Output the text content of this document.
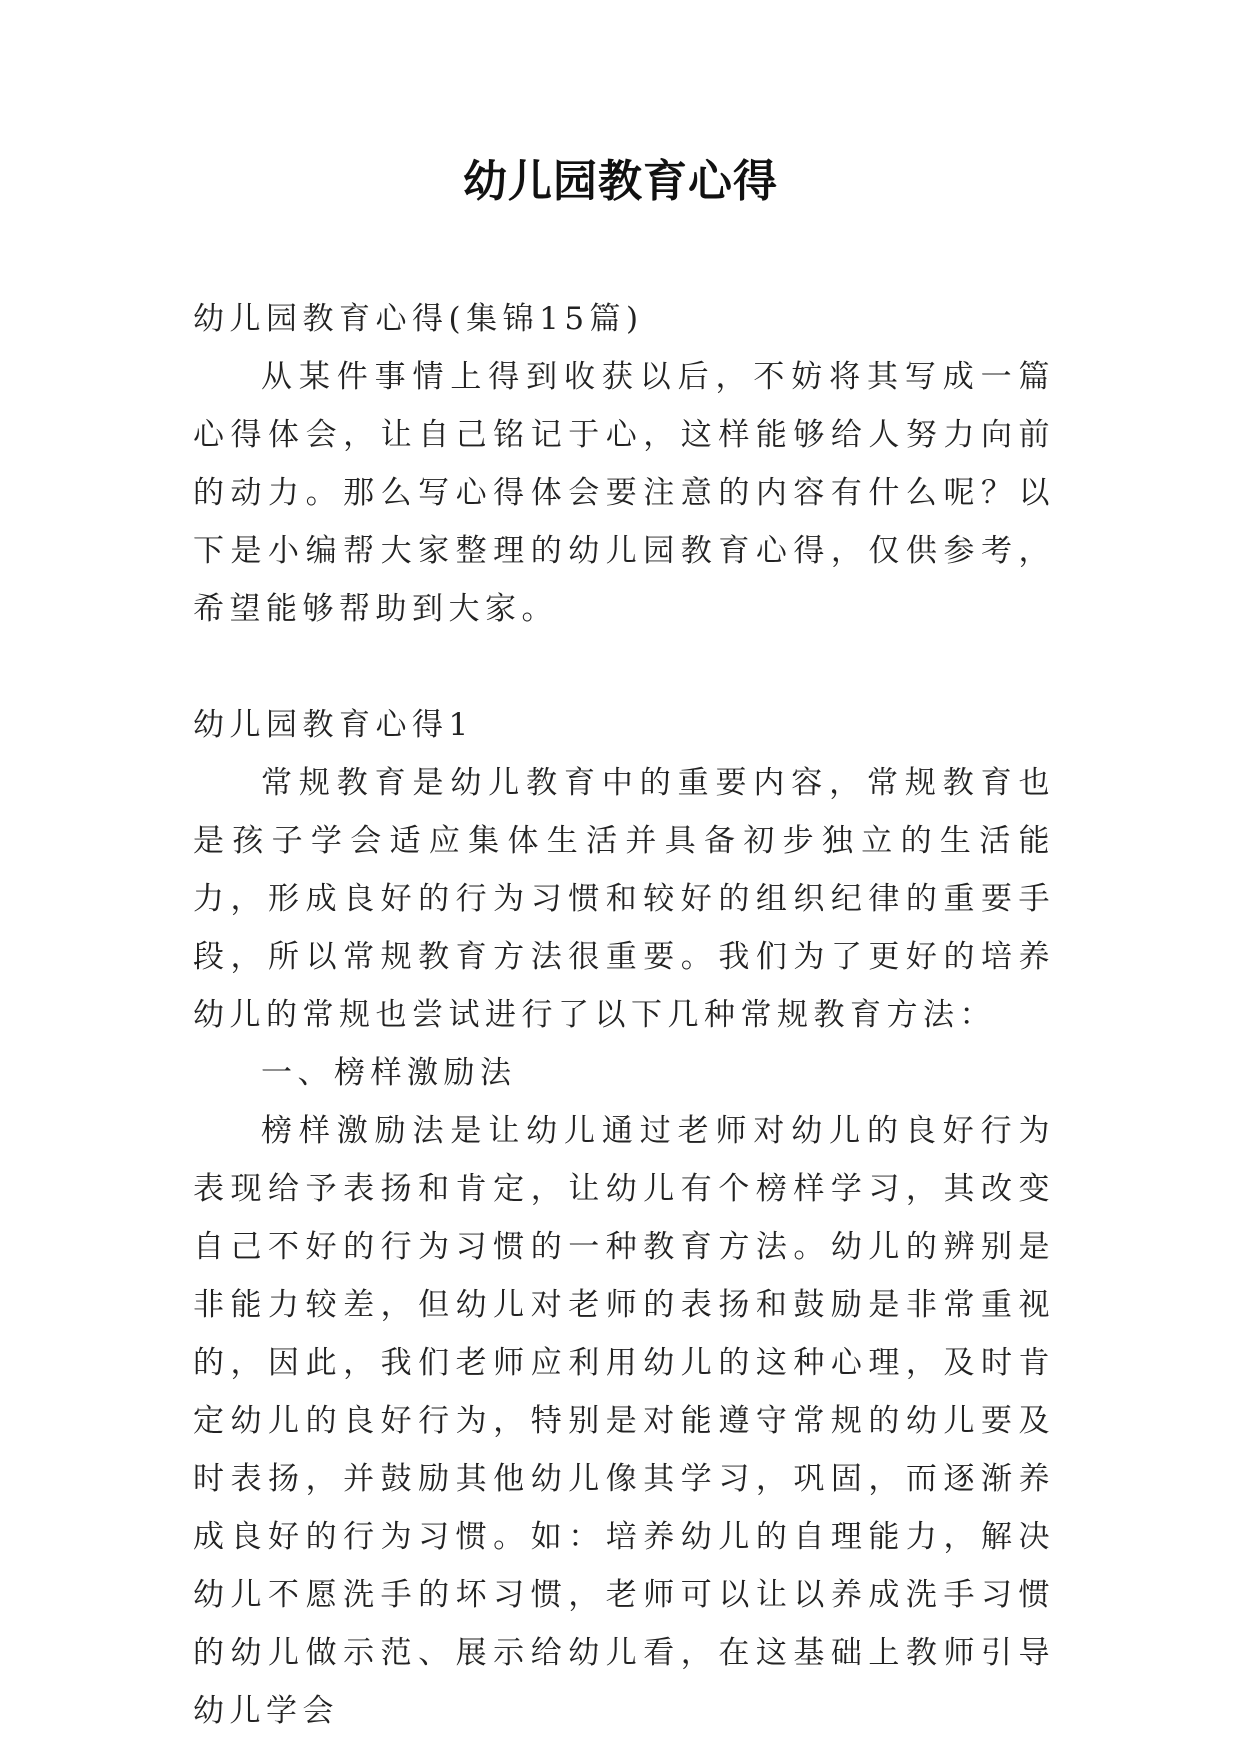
幼儿园教育心得

幼儿园教育心得(集锦15篇)

从某件事情上得到收获以后，不妨将其写成一篇心得体会，让自己铭记于心，这样能够给人努力向前的动力。那么写心得体会要注意的内容有什么呢？以下是小编帮大家整理的幼儿园教育心得，仅供参考，希望能够帮助到大家。

幼儿园教育心得1

常规教育是幼儿教育中的重要内容，常规教育也是孩子学会适应集体生活并具备初步独立的生活能力，形成良好的行为习惯和较好的组织纪律的重要手段，所以常规教育方法很重要。我们为了更好的培养幼儿的常规也尝试进行了以下几种常规教育方法：

一、榜样激励法

榜样激励法是让幼儿通过老师对幼儿的良好行为表现给予表扬和肯定，让幼儿有个榜样学习，其改变自己不好的行为习惯的一种教育方法。幼儿的辨别是非能力较差，但幼儿对老师的表扬和鼓励是非常重视的，因此，我们老师应利用幼儿的这种心理，及时肯定幼儿的良好行为，特别是对能遵守常规的幼儿要及时表扬，并鼓励其他幼儿像其学习，巩固，而逐渐养成良好的行为习惯。如：培养幼儿的自理能力，解决幼儿不愿洗手的坏习惯，老师可以让以养成洗手习惯的幼儿做示范、展示给幼儿看，在这基础上教师引导幼儿学会
